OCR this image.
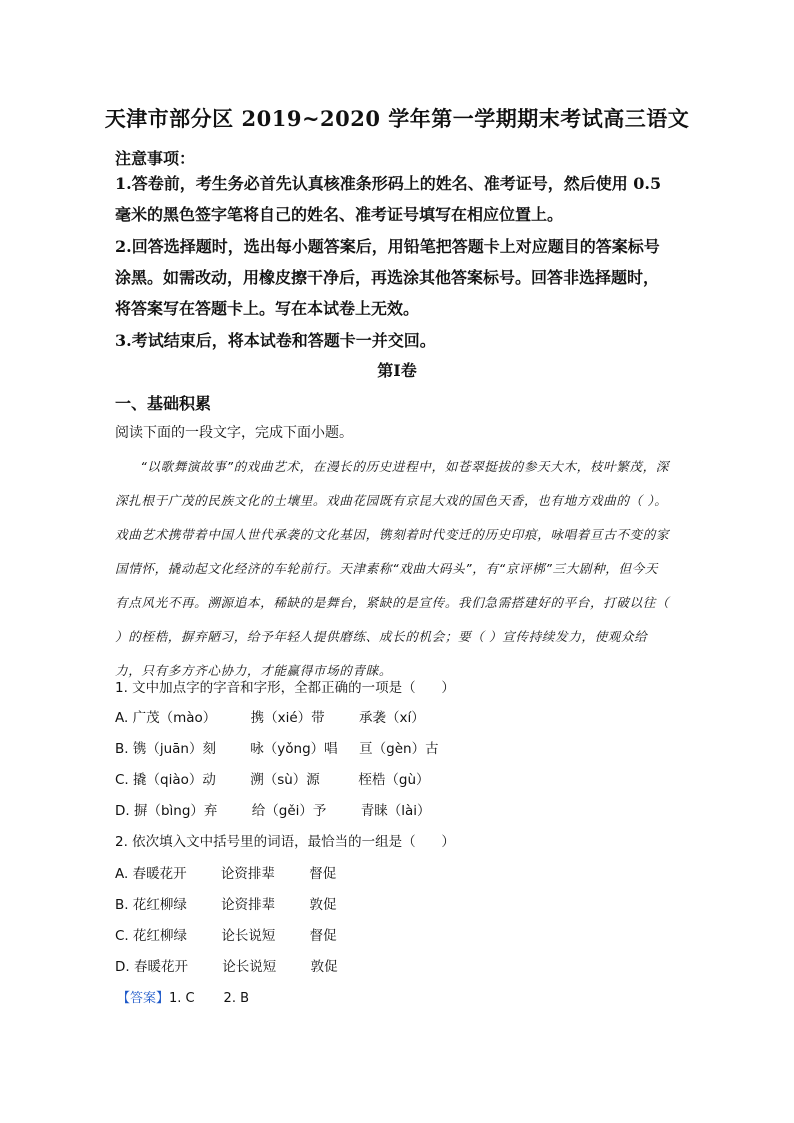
天津市部分区 2019~2020 学年第一学期期末考试高三语文
注意事项：
1.答卷前，考生务必首先认真核准条形码上的姓名、准考证号，然后使用 0.5毫米的黑色签字笔将自己的姓名、准考证号填写在相应位置上。
2.回答选择题时，选出每小题答案后，用铅笔把答题卡上对应题目的答案标号涂黑。如需改动，用橡皮擦干净后，再选涂其他答案标号。回答非选择题时，将答案写在答题卡上。写在本试卷上无效。
3.考试结束后，将本试卷和答题卡一并交回。
第Ⅰ卷
一、基础积累
阅读下面的一段文字，完成下面小题。
“以歌舞演故事”的戏曲艺术，在漫长的历史进程中，如苍翠挺拔的参天大木，枝叶繁茂，深深扎根于广茂的民族文化的土壤里。戏曲花园既有京昆大戏的国色天香，也有地方戏曲的（ ）。戏曲艺术携带着中国人世代承袭的文化基因，镌刻着时代变迁的历史印痕，咏唱着亘古不变的家国情怀，撬动起文化经济的车轮前行。天津素称“戏曲大码头”，有“京评梆”三大剧种，但今天有点风光不再。溯源追本，稀缺的是舞台，紧缺的是宣传。我们急需搭建好的平台，打破以往（ ）的桎梏，摒弃陋习，给予年轻人提供磨练、成长的机会；要（ ）宣传持续发力，使观众给力，只有多方齐心协力，才能赢得市场的青睐。
1. 文中加点字的字音和字形，全都正确的一项是（      ）
A. 广茂（mào）        携（xié）带        承袭（xí）
B. 镌（juān）刻        咏（yǒng）唱     亘（gèn）古
C. 撬（qiào）动        溯（sù）源         桎梏（gù）
D. 摒（bìng）弃        给（gěi）予        青睐（lài）
2. 依次填入文中括号里的词语，最恰当的一组是（      ）
A. 春暖花开        论资排辈        督促
B. 花红柳绿        论资排辈        敦促
C. 花红柳绿        论长说短        督促
D. 春暖花开        论长说短        敦促
【答案】1. C       2. B
